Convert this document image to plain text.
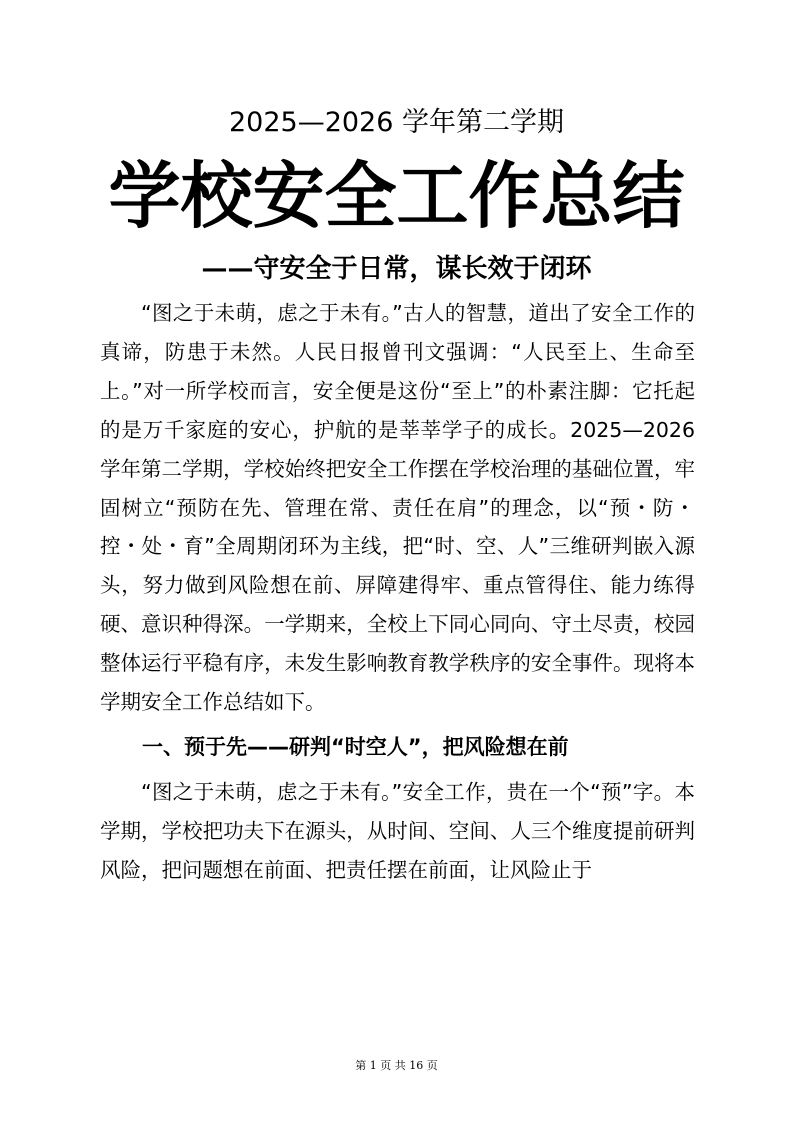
2025—2026 学年第二学期
学校安全工作总结
——守安全于日常，谋长效于闭环

“图之于未萌，虑之于未有。”古人的智慧，道出了安全工作的真谛，防患于未然。人民日报曾刊文强调：“人民至上、生命至上。”对一所学校而言，安全便是这份“至上”的朴素注脚：它托起的是万千家庭的安心，护航的是莘莘学子的成长。2025—2026 学年第二学期，学校始终把安全工作摆在学校治理的基础位置，牢固树立“预防在先、管理在常、责任在肩”的理念，以“预・防・控・处・育”全周期闭环为主线，把“时、空、人”三维研判嵌入源头，努力做到风险想在前、屏障建得牢、重点管得住、能力练得硬、意识种得深。一学期来，全校上下同心同向、守土尽责，校园整体运行平稳有序，未发生影响教育教学秩序的安全事件。现将本学期安全工作总结如下。

一、预于先——研判“时空人”，把风险想在前

“图之于未萌，虑之于未有。”安全工作，贵在一个“预”字。本学期，学校把功夫下在源头，从时间、空间、人三个维度提前研判风险，把问题想在前面、把责任摆在前面，让风险止于

第 1 页 共 16 页
